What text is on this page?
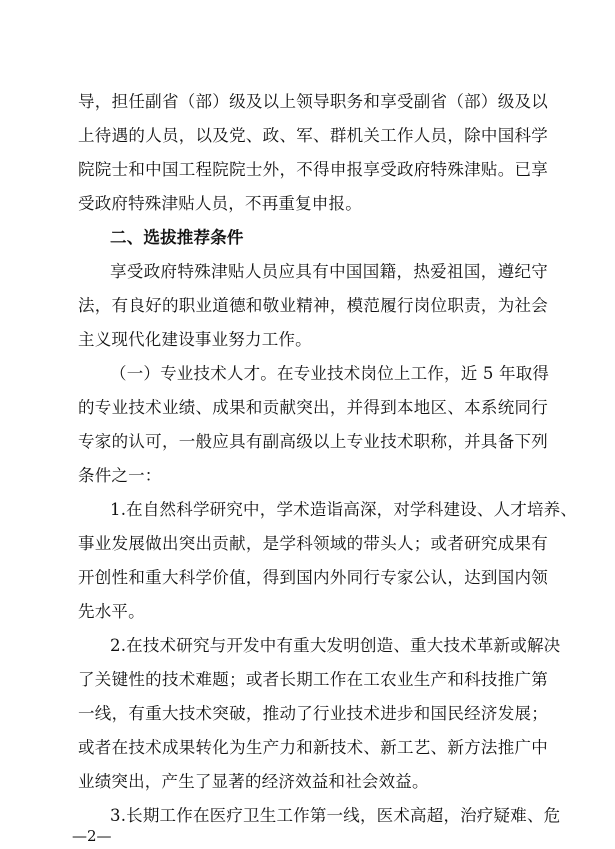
导，担任副省（部）级及以上领导职务和享受副省（部）级及以
上待遇的人员，以及党、政、军、群机关工作人员，除中国科学
院院士和中国工程院院士外，不得申报享受政府特殊津贴。已享
受政府特殊津贴人员，不再重复申报。
二、选拔推荐条件
享受政府特殊津贴人员应具有中国国籍，热爱祖国，遵纪守
法，有良好的职业道德和敬业精神，模范履行岗位职责，为社会
主义现代化建设事业努力工作。
（一）专业技术人才。在专业技术岗位上工作，近 5 年取得
的专业技术业绩、成果和贡献突出，并得到本地区、本系统同行
专家的认可，一般应具有副高级以上专业技术职称，并具备下列
条件之一：
1.在自然科学研究中，学术造诣高深，对学科建设、人才培养、
事业发展做出突出贡献，是学科领域的带头人；或者研究成果有
开创性和重大科学价值，得到国内外同行专家公认，达到国内领
先水平。
2.在技术研究与开发中有重大发明创造、重大技术革新或解决
了关键性的技术难题；或者长期工作在工农业生产和科技推广第
一线，有重大技术突破，推动了行业技术进步和国民经济发展；
或者在技术成果转化为生产力和新技术、新工艺、新方法推广中
业绩突出，产生了显著的经济效益和社会效益。
3.长期工作在医疗卫生工作第一线，医术高超，治疗疑难、危
—2—
